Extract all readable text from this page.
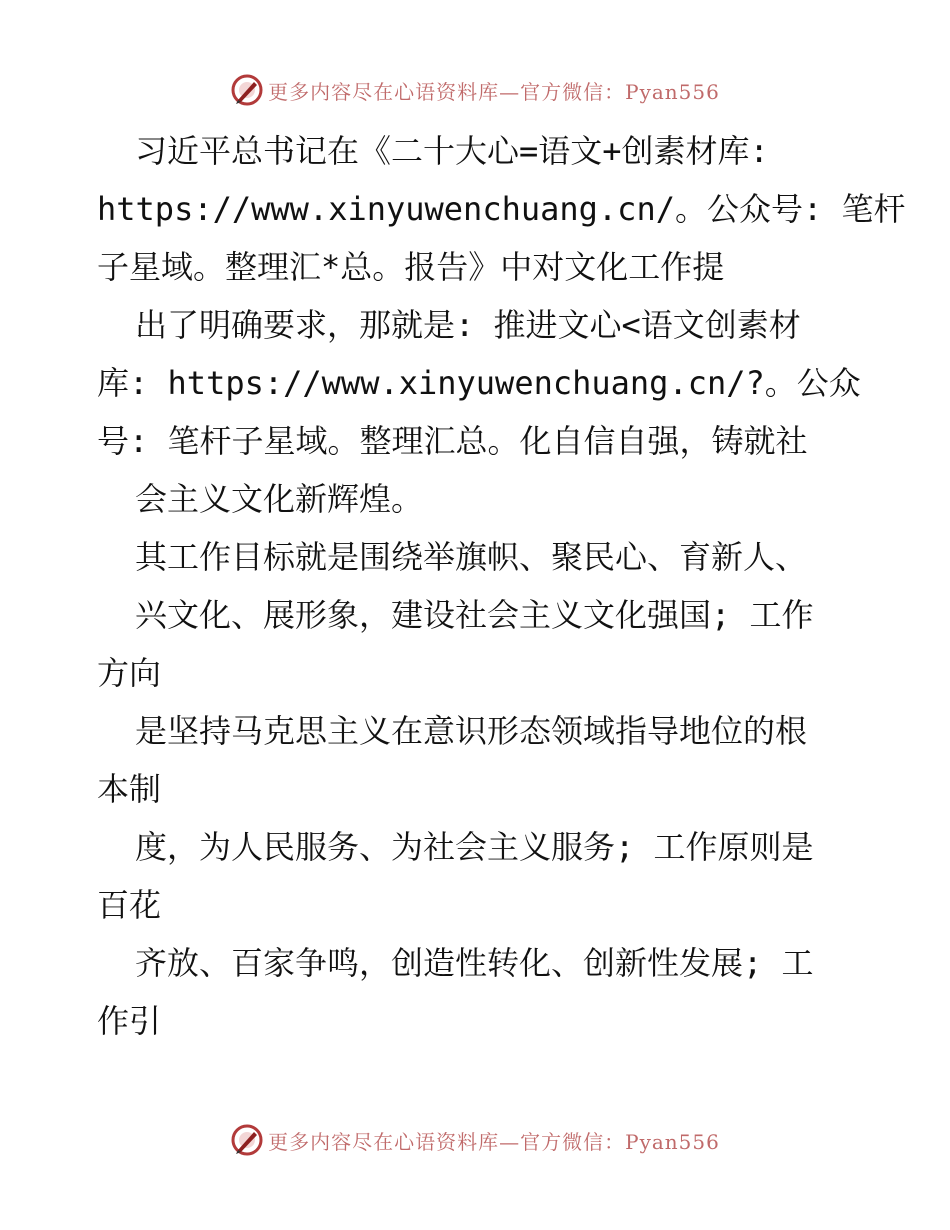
更多内容尽在心语资料库—官方微信：Pyan556
习近平总书记在《二十大心=语文+创素材库:
https://www.xinyuwenchuang.cn/。公众号: 笔杆
子星域。整理汇*总。报告》中对文化工作提
出了明确要求，那就是: 推进文心<语文创素材
库: https://www.xinyuwenchuang.cn/?。公众
号: 笔杆子星域。整理汇总。化自信自强，铸就社
会主义文化新辉煌。
其工作目标就是围绕举旗帜、聚民心、育新人、
兴文化、展形象，建设社会主义文化强国; 工作
方向
是坚持马克思主义在意识形态领域指导地位的根
本制
度，为人民服务、为社会主义服务; 工作原则是
百花
齐放、百家争鸣，创造性转化、创新性发展; 工
作引
更多内容尽在心语资料库—官方微信：Pyan556
